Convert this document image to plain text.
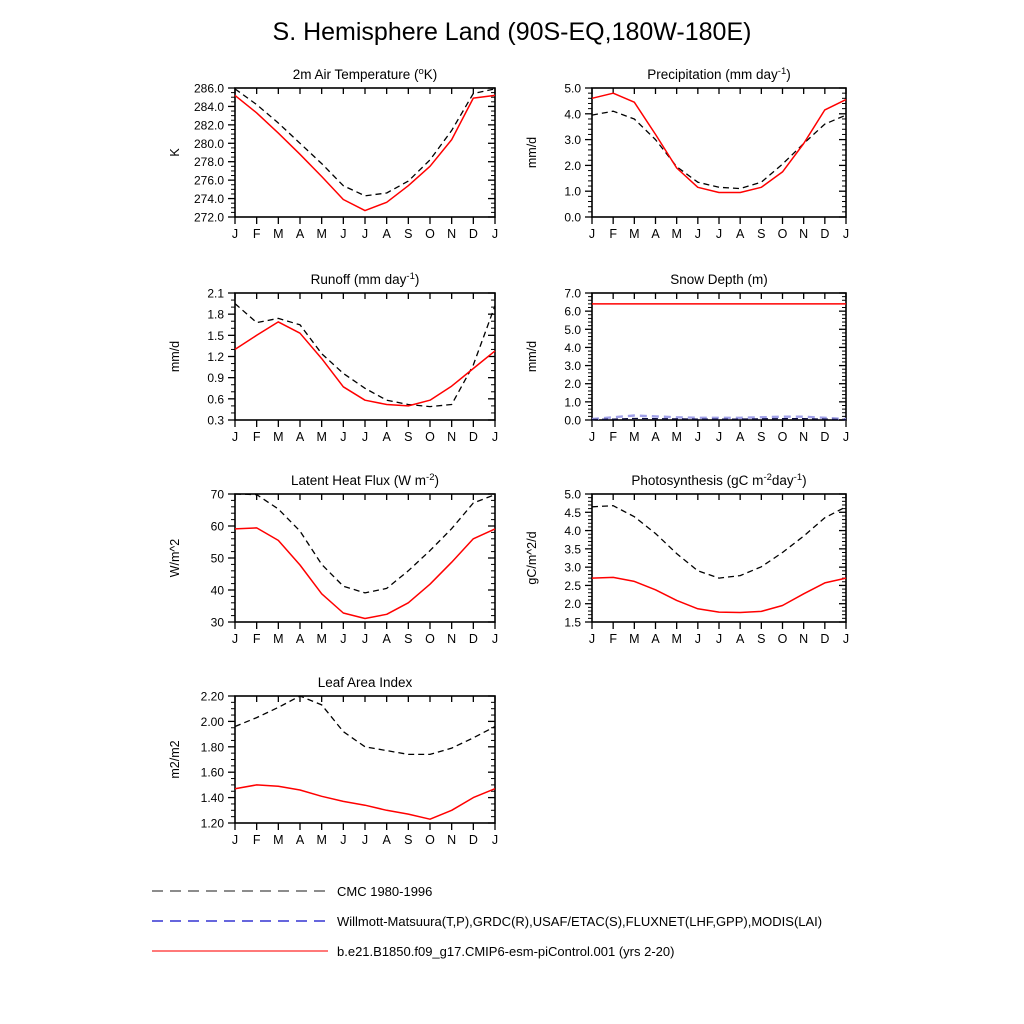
S. Hemisphere Land (90S-EQ,180W-180E)
272.0
274.0
276.0
278.0
280.0
282.0
284.0
286.0
J F M A M J J A S O N D J
2m Air Temperature ($^o$K)
K
0.0
1.0
2.0
3.0
4.0
5.0
J F M A M J J A S O N D J
Precipitation (mm day$^{-1}$)
mm/d
0.3
0.6
0.9
1.2
1.5
1.8
2.1
J F M A M J J A S O N D J
Runoff (mm day$^{-1}$)
mm/d
0.0
1.0
2.0
3.0
4.0
5.0
6.0
7.0
J F M A M J J A S O N D J
Snow Depth (m)
mm/d
30
40
50
60
70
J F M A M J J A S O N D J
Latent Heat Flux (W $m^{-2}$)
W/m^2
1.5
2.0
2.5
3.0
3.5
4.0
4.5
5.0
J F M A M J J A S O N D J
Photosynthesis (gC $m^{-2}day^{-1}$)
gC/m^2/d
1.20
1.40
1.60
1.80
2.00
2.20
J F M A M J J A S O N D J
Leaf Area Index
m2/m2
CMC 1980-1996
Willmott-Matsuura(T,P),GRDC(R),USAF/ETAC(S),FLUXNET(LHF,GPP),MODIS(LAI)
b.e21.B1850.f09_g17.CMIP6-esm-piControl.001 (yrs 2-20)
